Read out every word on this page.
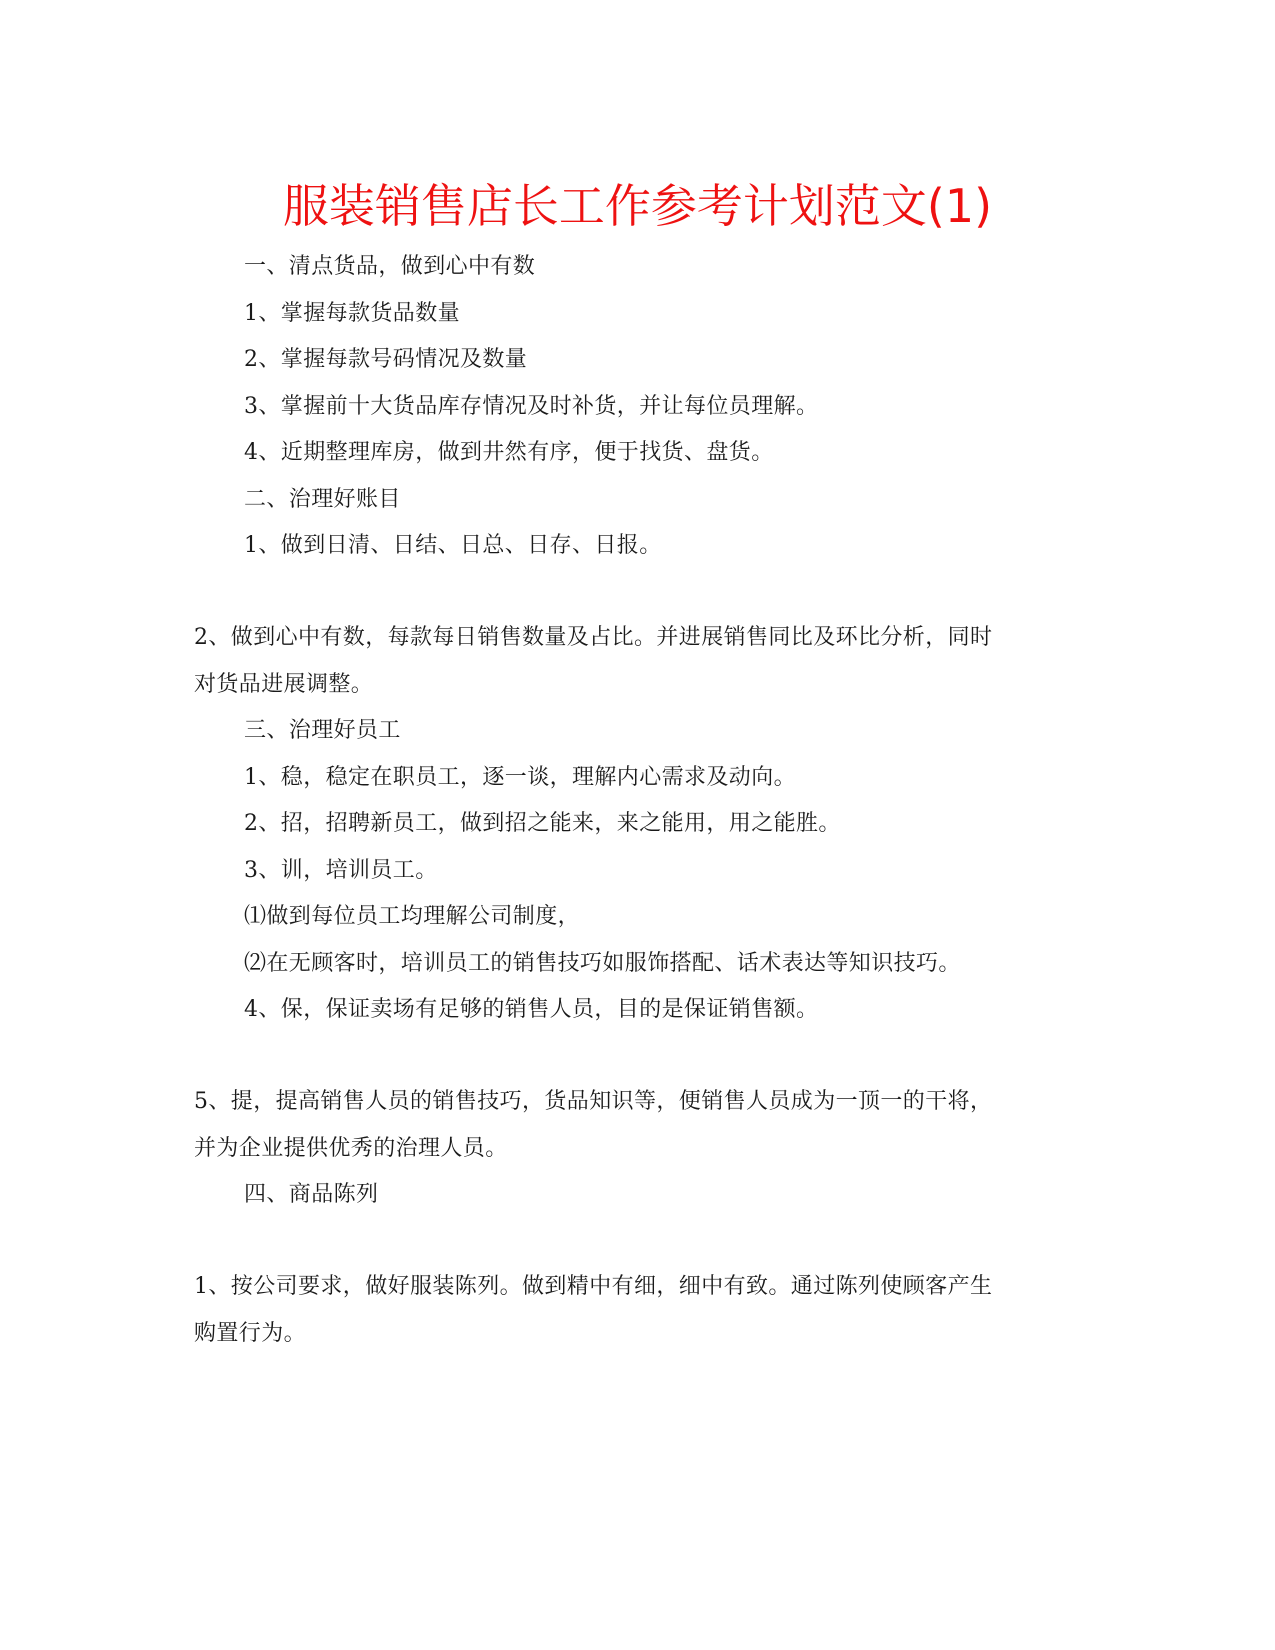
服装销售店长工作参考计划范文(1)
一、清点货品，做到心中有数
1、掌握每款货品数量
2、掌握每款号码情况及数量
3、掌握前十大货品库存情况及时补货，并让每位员理解。
4、近期整理库房，做到井然有序，便于找货、盘货。
二、治理好账目
1、做到日清、日结、日总、日存、日报。
2、做到心中有数，每款每日销售数量及占比。并进展销售同比及环比分析，同时
对货品进展调整。
三、治理好员工
1、稳，稳定在职员工，逐一谈，理解内心需求及动向。
2、招，招聘新员工，做到招之能来，来之能用，用之能胜。
3、训，培训员工。
⑴做到每位员工均理解公司制度，
⑵在无顾客时，培训员工的销售技巧如服饰搭配、话术表达等知识技巧。
4、保，保证卖场有足够的销售人员，目的是保证销售额。
5、提，提高销售人员的销售技巧，货品知识等，便销售人员成为一顶一的干将，
并为企业提供优秀的治理人员。
四、商品陈列
1、按公司要求，做好服装陈列。做到精中有细，细中有致。通过陈列使顾客产生
购置行为。
